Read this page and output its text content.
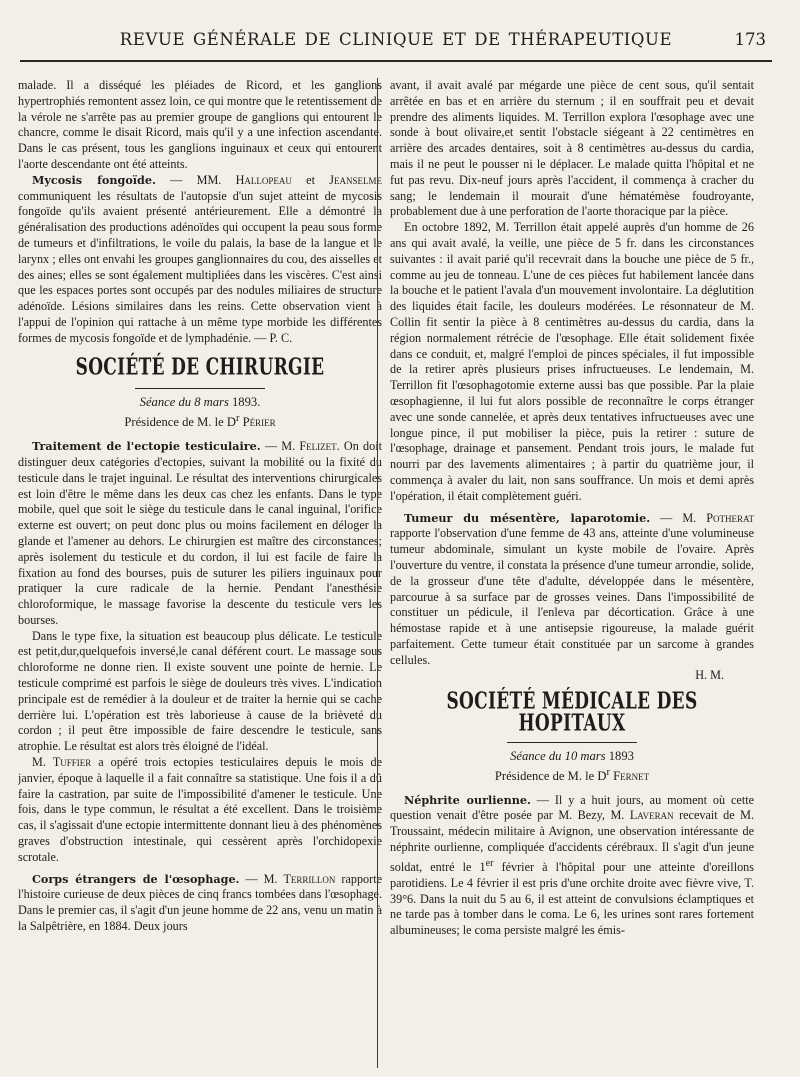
REVUE GÉNÉRALE DE CLINIQUE ET DE THÉRAPEUTIQUE	173

malade. Il a disséqué les pléiades de Ricord, et les ganglions hypertrophiés remontent assez loin, ce qui montre que le retentissement de la vérole ne s'arrête pas au premier groupe de ganglions qui entourent le chancre, comme le disait Ricord, mais qu'il y a une infection ascendante. Dans le cas présent, tous les ganglions inguinaux et ceux qui entourent l'aorte descendante ont été atteints.

Mycosis fongoïde. — MM. Hallopeau et Jeanselme communiquent les résultats de l'autopsie d'un sujet atteint de mycosis fongoïde qu'ils avaient présenté antérieurement. Elle a démontré la généralisation des productions adénoïdes qui occupent la peau sous forme de tumeurs et d'infiltrations, le voile du palais, la base de la langue et le larynx ; elles ont envahi les groupes ganglionnaires du cou, des aisselles et des aines; elles se sont également multipliées dans les viscères. C'est ainsi que les espaces portes sont occupés par des nodules miliaires de structure adénoïde. Lésions similaires dans les reins. Cette observation vient à l'appui de l'opinion qui rattache à un même type morbide les différentes formes de mycosis fongoïde et de lymphadénie. — P. C.

SOCIÉTÉ DE CHIRURGIE
Séance du 8 mars 1893.
Présidence de M. le $D^r$ Périer

Traitement de l'ectopie testiculaire. — M. Felizet. On doit distinguer deux catégories d'ectopies, suivant la mobilité ou la fixité du testicule dans le trajet inguinal. Le résultat des interventions chirurgicales est loin d'être le même dans les deux cas chez les enfants. Dans le type mobile, quel que soit le siège du testicule dans le canal inguinal, l'orifice externe est ouvert; on peut donc plus ou moins facilement en déloger la glande et l'amener au dehors. Le chirurgien est maître des circonstances; après isolement du testicule et du cordon, il lui est facile de faire la fixation au fond des bourses, puis de suturer les piliers inguinaux pour pratiquer la cure radicale de la hernie. Pendant l'anesthésie chloroformique, le massage favorise la descente du testicule vers les bourses.

Dans le type fixe, la situation est beaucoup plus délicate. Le testicule est petit,dur,quelquefois inversé,le canal déférent court. Le massage sous chloroforme ne donne rien. Il existe souvent une pointe de hernie. Le testicule comprimé est parfois le siège de douleurs très vives. L'indication principale est de remédier à la douleur et de traiter la hernie qui se cache derrière lui. L'opération est très laborieuse à cause de la brièveté du cordon ; il peut être impossible de faire descendre le testicule, sans atrophie. Le résultat est alors très éloigné de l'idéal.

M. Tuffier a opéré trois ectopies testiculaires depuis le mois de janvier, époque à laquelle il a fait connaître sa statistique. Une fois il a dû faire la castration, par suite de l'impossibilité d'amener le testicule. Une fois, dans le type commun, le résultat a été excellent. Dans le troisième cas, il s'agissait d'une ectopie intermittente donnant lieu à des phénomènes graves d'obstruction intestinale, qui cessèrent après l'orchidopexie scrotale.

Corps étrangers de l'œsophage. — M. Terrillon rapporte l'histoire curieuse de deux pièces de cinq francs tombées dans l'œsophage. Dans le premier cas, il s'agit d'un jeune homme de 22 ans, venu un matin à la Salpêtrière, en 1884. Deux jours

avant, il avait avalé par mégarde une pièce de cent sous, qu'il sentait arrêtée en bas et en arrière du sternum ; il en souffrait peu et devait prendre des aliments liquides. M. Terrillon explora l'œsophage avec une sonde à bout olivaire,et sentit l'obstacle siégeant à 22 centimètres en arrière des arcades dentaires, soit à 8 centimètres au-dessus du cardia, mais il ne peut le pousser ni le déplacer. Le malade quitta l'hôpital et ne fut pas revu. Dix-neuf jours après l'accident, il commença à cracher du sang; le lendemain il mourait d'une hématémèse foudroyante, probablement due à une perforation de l'aorte thoracique par la pièce.

En octobre 1892, M. Terrillon était appelé auprès d'un homme de 26 ans qui avait avalé, la veille, une pièce de 5 fr. dans les circonstances suivantes : il avait parié qu'il recevrait dans la bouche une pièce de 5 fr., comme au jeu de tonneau. L'une de ces pièces fut habilement lancée dans la bouche et le patient l'avala d'un mouvement involontaire. La déglutition des liquides était facile, les douleurs modérées. Le résonnateur de M. Collin fit sentir la pièce à 8 centimètres au-dessus du cardia, dans la région normalement rétrécie de l'œsophage. Elle était solidement fixée dans ce conduit, et, malgré l'emploi de pinces spéciales, il fut impossible de la retirer après plusieurs prises infructueuses. Le lendemain, M. Terrillon fit l'œsophagotomie externe aussi bas que possible. Par la plaie œsophagienne, il lui fut alors possible de reconnaître le corps étranger avec une sonde cannelée, et après deux tentatives infructueuses avec une longue pince, il put mobiliser la pièce, puis la retirer : suture de l'œsophage, drainage et pansement. Pendant trois jours, le malade fut nourri par des lavements alimentaires ; à partir du quatrième jour, il commença à avaler du lait, non sans souffrance. Un mois et demi après l'opération, il était complètement guéri.

Tumeur du mésentère, laparotomie. — M. Potherat rapporte l'observation d'une femme de 43 ans, atteinte d'une volumineuse tumeur abdominale, simulant un kyste mobile de l'ovaire. Après l'ouverture du ventre, il constata la présence d'une tumeur arrondie, solide, de la grosseur d'une tête d'adulte, développée dans le mésentère, parcourue à sa surface par de grosses veines. Dans l'impossibilité de constituer un pédicule, il l'enleva par décortication. Grâce à une hémostase rapide et à une antisepsie rigoureuse, la malade guérit parfaitement. Cette tumeur était constituée par un sarcome à grandes cellules.

H. M.

SOCIÉTÉ MÉDICALE DES HOPITAUX
Séance du 10 mars 1893
Présidence de M. le $D^r$ Fernet

Néphrite ourlienne. — Il y a huit jours, au moment où cette question venait d'être posée par M. Bezy, M. Laveran recevait de M. Troussaint, médecin militaire à Avignon, une observation intéressante de néphrite ourlienne, compliquée d'accidents cérébraux. Il s'agit d'un jeune soldat, entré le 1er février à l'hôpital pour une atteinte d'oreillons parotidiens. Le 4 février il est pris d'une orchite droite avec fièvre vive, T. 39°6. Dans la nuit du 5 au 6, il est atteint de convulsions éclamptiques et ne tarde pas à tomber dans le coma. Le 6, les urines sont rares fortement albumineuses; le coma persiste malgré les émis-
